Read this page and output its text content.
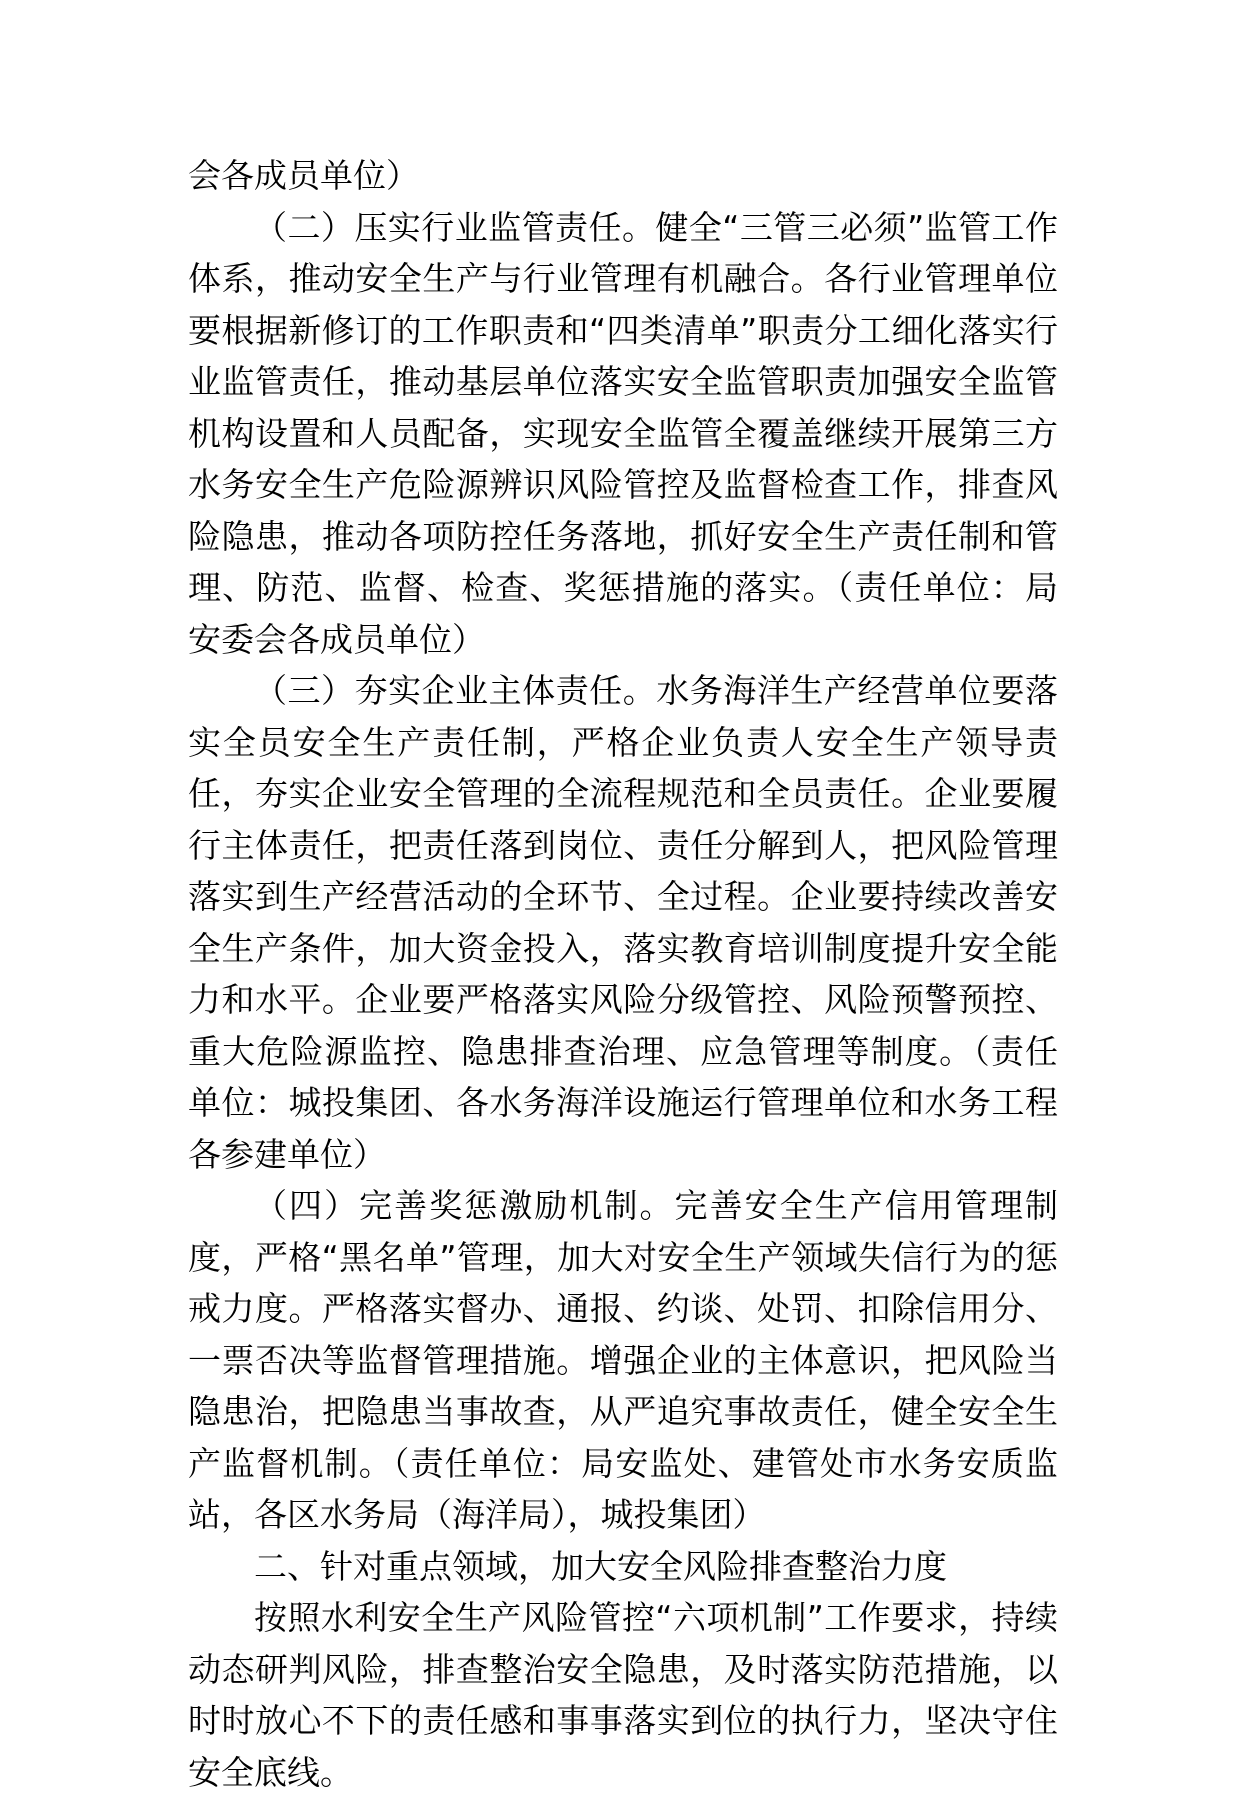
会各成员单位）

（二）压实行业监管责任。健全“三管三必须”监管工作体系，推动安全生产与行业管理有机融合。各行业管理单位要根据新修订的工作职责和“四类清单”职责分工细化落实行业监管责任，推动基层单位落实安全监管职责加强安全监管机构设置和人员配备，实现安全监管全覆盖继续开展第三方水务安全生产危险源辨识风险管控及监督检查工作，排查风险隐患，推动各项防控任务落地，抓好安全生产责任制和管理、防范、监督、检查、奖惩措施的落实。（责任单位：局安委会各成员单位）

（三）夯实企业主体责任。水务海洋生产经营单位要落实全员安全生产责任制，严格企业负责人安全生产领导责任，夯实企业安全管理的全流程规范和全员责任。企业要履行主体责任，把责任落到岗位、责任分解到人，把风险管理落实到生产经营活动的全环节、全过程。企业要持续改善安全生产条件，加大资金投入，落实教育培训制度提升安全能力和水平。企业要严格落实风险分级管控、风险预警预控、重大危险源监控、隐患排查治理、应急管理等制度。（责任单位：城投集团、各水务海洋设施运行管理单位和水务工程各参建单位）

（四）完善奖惩激励机制。完善安全生产信用管理制度，严格“黑名单”管理，加大对安全生产领域失信行为的惩戒力度。严格落实督办、通报、约谈、处罚、扣除信用分、一票否决等监督管理措施。增强企业的主体意识，把风险当隐患治，把隐患当事故查，从严追究事故责任，健全安全生产监督机制。（责任单位：局安监处、建管处市水务安质监站，各区水务局（海洋局），城投集团）

二、针对重点领域，加大安全风险排查整治力度

按照水利安全生产风险管控“六项机制”工作要求，持续动态研判风险，排查整治安全隐患，及时落实防范措施，以时时放心不下的责任感和事事落实到位的执行力，坚决守住安全底线。
